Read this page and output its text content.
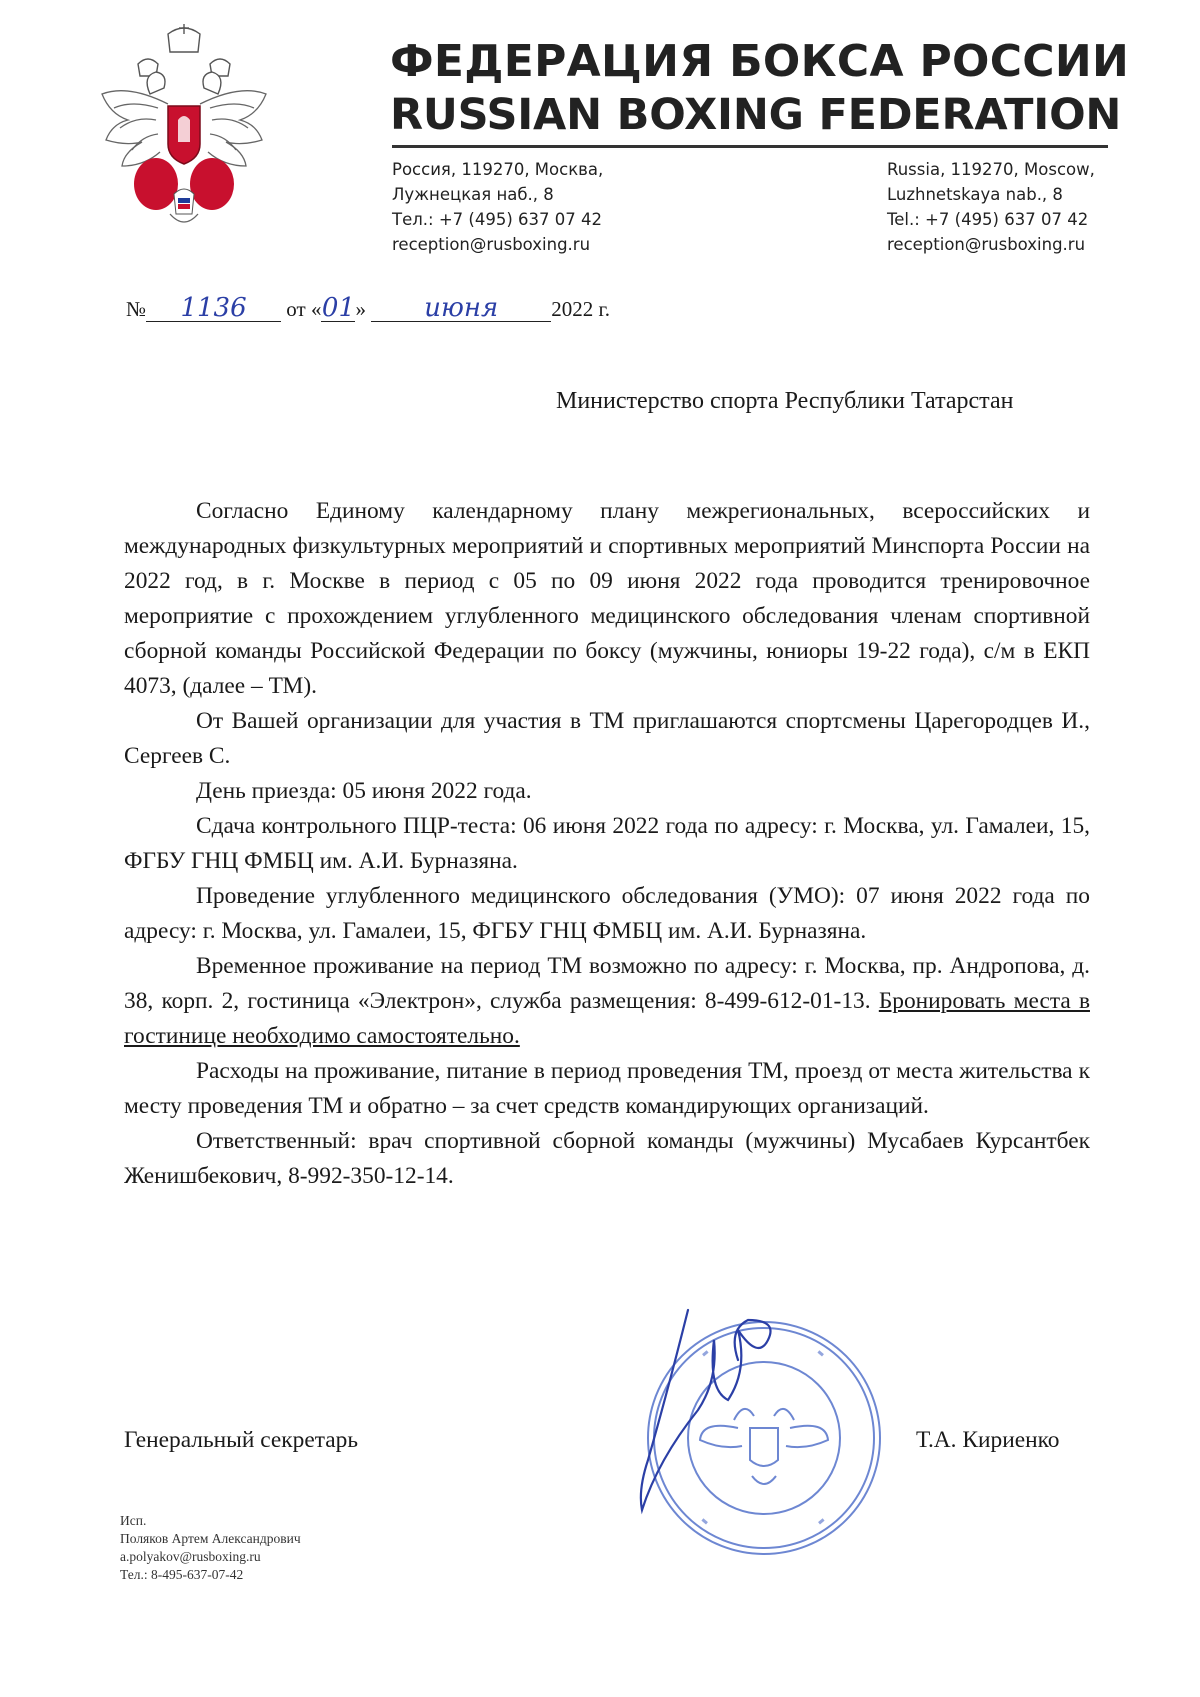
ФЕДЕРАЦИЯ БОКСА РОССИИ
RUSSIAN BOXING FEDERATION
Россия, 119270, Москва,
Лужнецкая наб., 8
Тел.: +7 (495) 637 07 42
reception@rusboxing.ru
Russia, 119270, Moscow,
Luzhnetskaya nab., 8
Tel.: +7 (495) 637 07 42
reception@rusboxing.ru
№ 1136 от «01» июня	2022 г.
Министерство спорта Республики Татарстан

Согласно Единому календарному плану межрегиональных, всероссийских и международных физкультурных мероприятий и спортивных мероприятий Минспорта России на 2022 год, в г. Москве в период с 05 по 09 июня 2022 года проводится тренировочное мероприятие с прохождением углубленного медицинского обследования членам спортивной сборной команды Российской Федерации по боксу (мужчины, юниоры 19-22 года), с/м в ЕКП 4073, (далее – ТМ).

От Вашей организации для участия в ТМ приглашаются спортсмены Царегородцев И., Сергеев С.

День приезда: 05 июня 2022 года.

Сдача контрольного ПЦР-теста: 06 июня 2022 года по адресу: г. Москва, ул. Гамалеи, 15, ФГБУ ГНЦ ФМБЦ им. А.И. Бурназяна.

Проведение углубленного медицинского обследования (УМО): 07 июня 2022 года по адресу: г. Москва, ул. Гамалеи, 15, ФГБУ ГНЦ ФМБЦ им. А.И. Бурназяна.

Временное проживание на период ТМ возможно по адресу: г. Москва, пр. Андропова, д. 38, корп. 2, гостиница «Электрон», служба размещения: 8-499-612-01-13. Бронировать места в гостинице необходимо самостоятельно.

Расходы на проживание, питание в период проведения ТМ, проезд от места жительства к месту проведения ТМ и обратно – за счет средств командирующих организаций.

Ответственный: врач спортивной сборной команды (мужчины) Мусабаев Курсантбек Женишбекович, 8-992-350-12-14.

Генеральный секретарь	Т.А. Кириенко
Исп.
Поляков Артем Александрович
a.polyakov@rusboxing.ru
Тел.: 8-495-637-07-42
